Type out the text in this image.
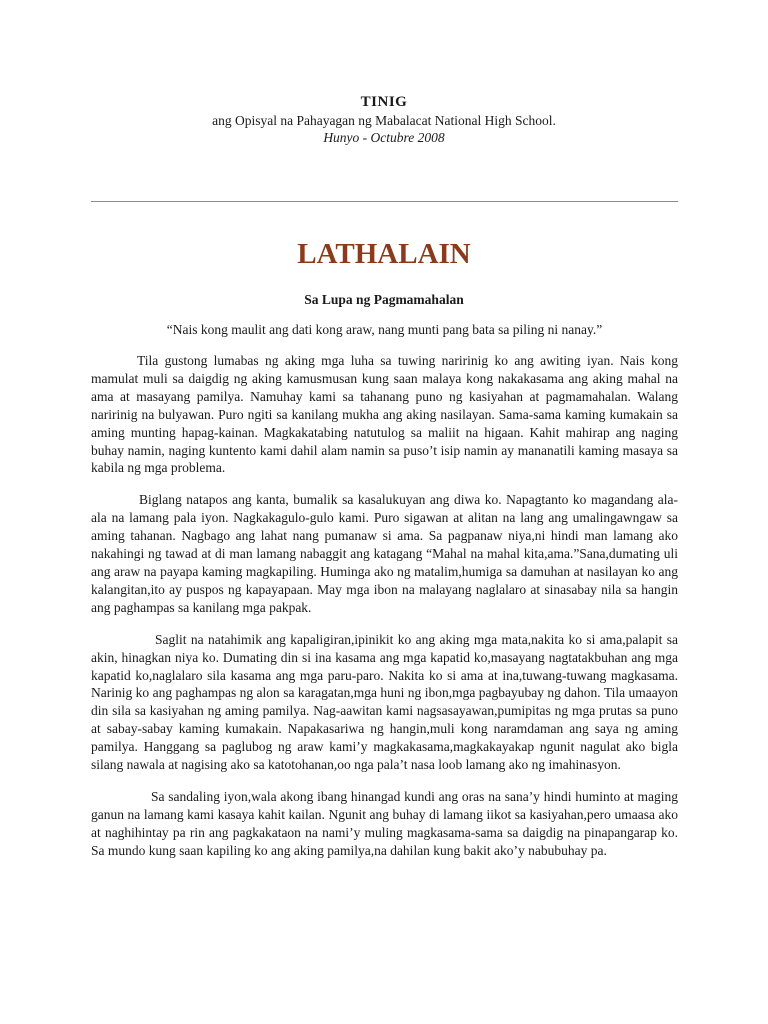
TINIG
ang Opisyal na Pahayagan ng Mabalacat National High School.
Hunyo - Octubre 2008
LATHALAIN
Sa Lupa ng Pagmamahalan
“Nais kong maulit ang dati kong araw, nang munti pang bata sa piling ni nanay.”

Tila gustong lumabas ng aking mga luha sa tuwing naririnig ko ang awiting iyan. Nais kong mamulat muli sa daigdig ng aking kamusmusan kung saan malaya kong nakakasama ang aking mahal na ama at masayang pamilya. Namuhay kami sa tahanang puno ng kasiyahan at pagmamahalan. Walang naririnig na bulyawan. Puro ngiti sa kanilang mukha ang aking nasilayan. Sama-sama kaming kumakain sa aming munting hapag-kainan. Magkakatabing natutulog sa maliit na higaan. Kahit mahirap ang naging buhay namin, naging kuntento kami dahil alam namin sa puso’t isip namin ay mananatili kaming masaya sa kabila ng mga problema.

Biglang natapos ang kanta, bumalik sa kasalukuyan ang diwa ko. Napagtanto ko magandang ala-ala na lamang pala iyon. Nagkakagulo-gulo kami. Puro sigawan at alitan na lang ang umalingawngaw sa aming tahanan. Nagbago ang lahat nang pumanaw si ama. Sa pagpanaw niya,ni hindi man lamang ako nakahingi ng tawad at di man lamang nabaggit ang katagang “Mahal na mahal kita,ama.”Sana,dumating uli ang araw na payapa kaming magkapiling. Huminga ako ng matalim,humiga sa damuhan at nasilayan ko ang kalangitan,ito ay puspos ng kapayapaan. May mga ibon na malayang naglalaro at sinasabay nila sa hangin ang paghampas sa kanilang mga pakpak.

Saglit na natahimik ang kapaligiran,ipinikit ko ang aking mga mata,nakita ko si ama,palapit sa akin, hinagkan niya ko. Dumating din si ina kasama ang mga kapatid ko,masayang nagtatakbuhan ang mga kapatid ko,naglalaro sila kasama ang mga paru-paro. Nakita ko si ama at ina,tuwang-tuwang magkasama. Narinig ko ang paghampas ng alon sa karagatan,mga huni ng ibon,mga pagbayubay ng dahon. Tila umaayon din sila sa kasiyahan ng aming pamilya. Nag-aawitan kami nagsasayawan,pumipitas ng mga prutas sa puno at sabay-sabay kaming kumakain. Napakasariwa ng hangin,muli kong naramdaman ang saya ng aming pamilya. Hanggang sa paglubog ng araw kami’y magkakasama,magkakayakap ngunit nagulat ako bigla silang nawala at nagising ako sa katotohanan,oo nga pala’t nasa loob lamang ako ng imahinasyon.

Sa sandaling iyon,wala akong ibang hinangad kundi ang oras na sana’y hindi huminto at maging ganun na lamang kami kasaya kahit kailan. Ngunit ang buhay di lamang iikot sa kasiyahan,pero umaasa ako at naghihintay pa rin ang pagkakataon na nami’y muling magkasama-sama sa daigdig na pinapangarap ko. Sa mundo kung saan kapiling ko ang aking pamilya,na dahilan kung bakit ako’y nabubuhay pa.
